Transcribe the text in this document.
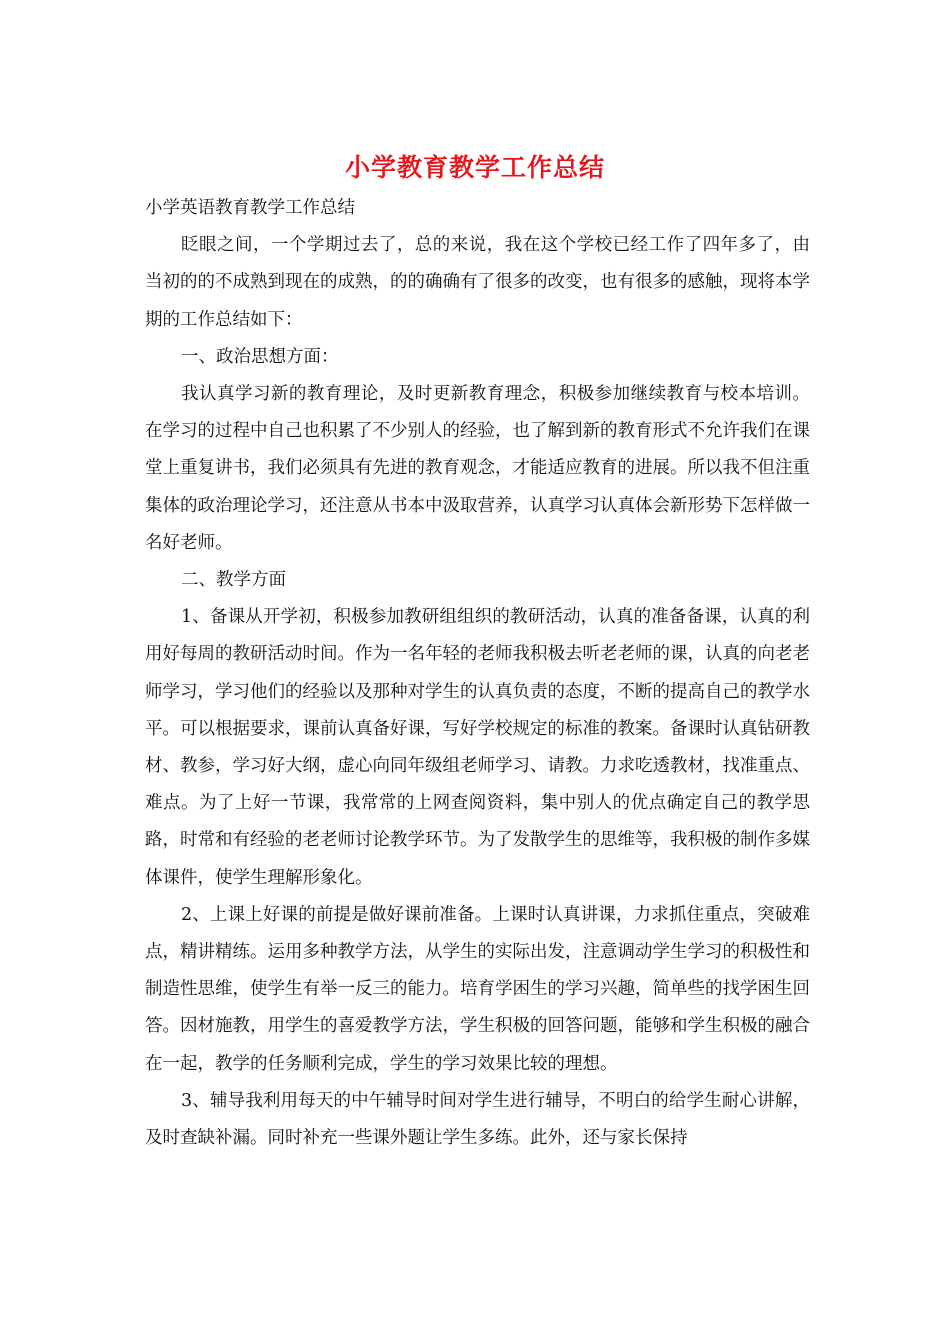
小学教育教学工作总结

小学英语教育教学工作总结

眨眼之间，一个学期过去了，总的来说，我在这个学校已经工作了四年多了，由当初的的不成熟到现在的成熟，的的确确有了很多的改变，也有很多的感触，现将本学期的工作总结如下：

一、政治思想方面：

我认真学习新的教育理论，及时更新教育理念，积极参加继续教育与校本培训。在学习的过程中自己也积累了不少别人的经验，也了解到新的教育形式不允许我们在课堂上重复讲书，我们必须具有先进的教育观念，才能适应教育的进展。所以我不但注重集体的政治理论学习，还注意从书本中汲取营养，认真学习认真体会新形势下怎样做一名好老师。

二、教学方面

1、备课从开学初，积极参加教研组组织的教研活动，认真的准备备课，认真的利用好每周的教研活动时间。作为一名年轻的老师我积极去听老老师的课，认真的向老老师学习，学习他们的经验以及那种对学生的认真负责的态度，不断的提高自己的教学水平。可以根据要求，课前认真备好课，写好学校规定的标准的教案。备课时认真钻研教材、教参，学习好大纲，虚心向同年级组老师学习、请教。力求吃透教材，找准重点、难点。为了上好一节课，我常常的上网查阅资料，集中别人的优点确定自己的教学思路，时常和有经验的老老师讨论教学环节。为了发散学生的思维等，我积极的制作多媒体课件，使学生理解形象化。

2、上课上好课的前提是做好课前准备。上课时认真讲课，力求抓住重点，突破难点，精讲精练。运用多种教学方法，从学生的实际出发，注意调动学生学习的积极性和制造性思维，使学生有举一反三的能力。培育学困生的学习兴趣，简单些的找学困生回答。因材施教，用学生的喜爱教学方法，学生积极的回答问题，能够和学生积极的融合在一起，教学的任务顺利完成，学生的学习效果比较的理想。

3、辅导我利用每天的中午辅导时间对学生进行辅导，不明白的给学生耐心讲解，及时查缺补漏。同时补充一些课外题让学生多练。此外，还与家长保持
